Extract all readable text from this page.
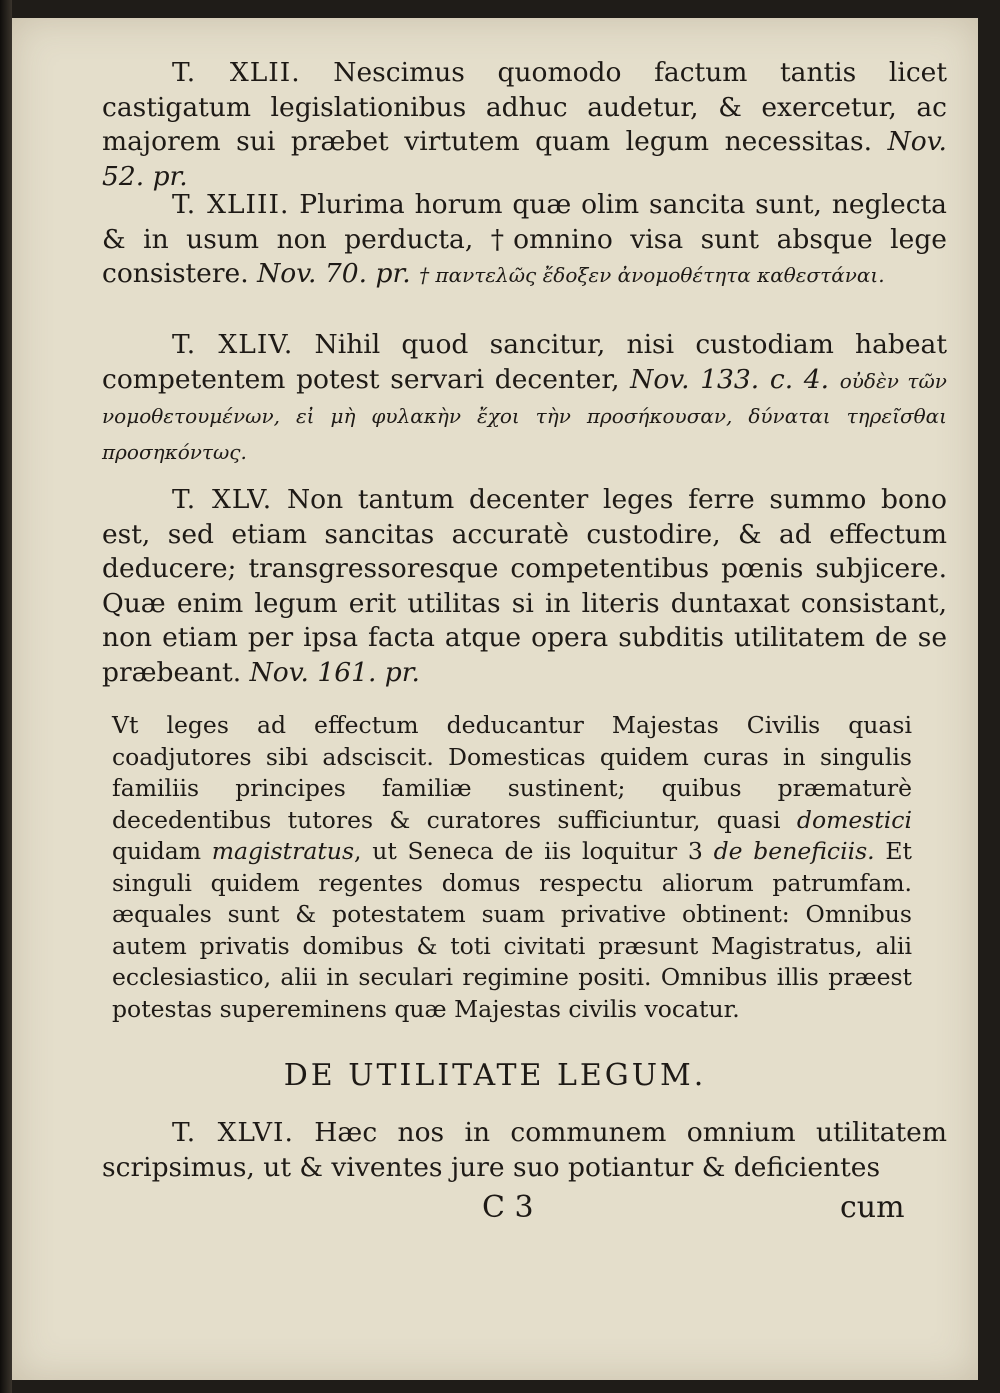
T. XLII. Nescimus quomodo factum tantis licet castigatum legislationibus adhuc audetur, & exercetur, ac majorem sui præbet virtutem quam legum necessitas. Nov. 52. pr.
T. XLIII. Plurima horum quæ olim sancita sunt, neglecta & in usum non perducta, †omnino visa sunt absque lege consistere. Nov. 70. pr. † παντελῶς ἔδοξεν ἀνομοθέτητα καθεστάναι.
T. XLIV. Nihil quod sancitur, nisi custodiam habeat competentem potest servari decenter, Nov. 133. c. 4. οὐδὲν τῶν νομοθετουμένων, εἰ μὴ φυλακὴν ἔχοι τὴν προσήκουσαν, δύναται τηρεῖσθαι προσηκόντως.
T. XLV. Non tantum decenter leges ferre summo bono est, sed etiam sancitas accuratè custodire, & ad effectum deducere; transgressoresque competentibus pœnis subjicere. Quæ enim legum erit utilitas si in literis duntaxat consistant, non etiam per ipsa facta atque opera subditis utilitatem de se præbeant. Nov. 161. pr.
Vt leges ad effectum deducantur Majestas Civilis quasi coadjutores sibi adsciscit. Domesticas quidem curas in singulis familiis principes familiæ sustinent; quibus præmaturè decedentibus tutores & curatores sufficiuntur, quasi domestici quidam magistratus, ut Seneca de iis loquitur 3 de beneficiis. Et singuli quidem regentes domus respectu aliorum patrumfam. æquales sunt & potestatem suam privative obtinent: Omnibus autem privatis domibus & toti civitati præsunt Magistratus, alii ecclesiastico, alii in seculari regimine positi. Omnibus illis præest potestas supereminens quæ Majestas civilis vocatur.
DE UTILITATE LEGUM.
T. XLVI. Hæc nos in communem omnium utilitatem scripsimus, ut & viventes jure suo potiantur & deficientes
C 3	cum
